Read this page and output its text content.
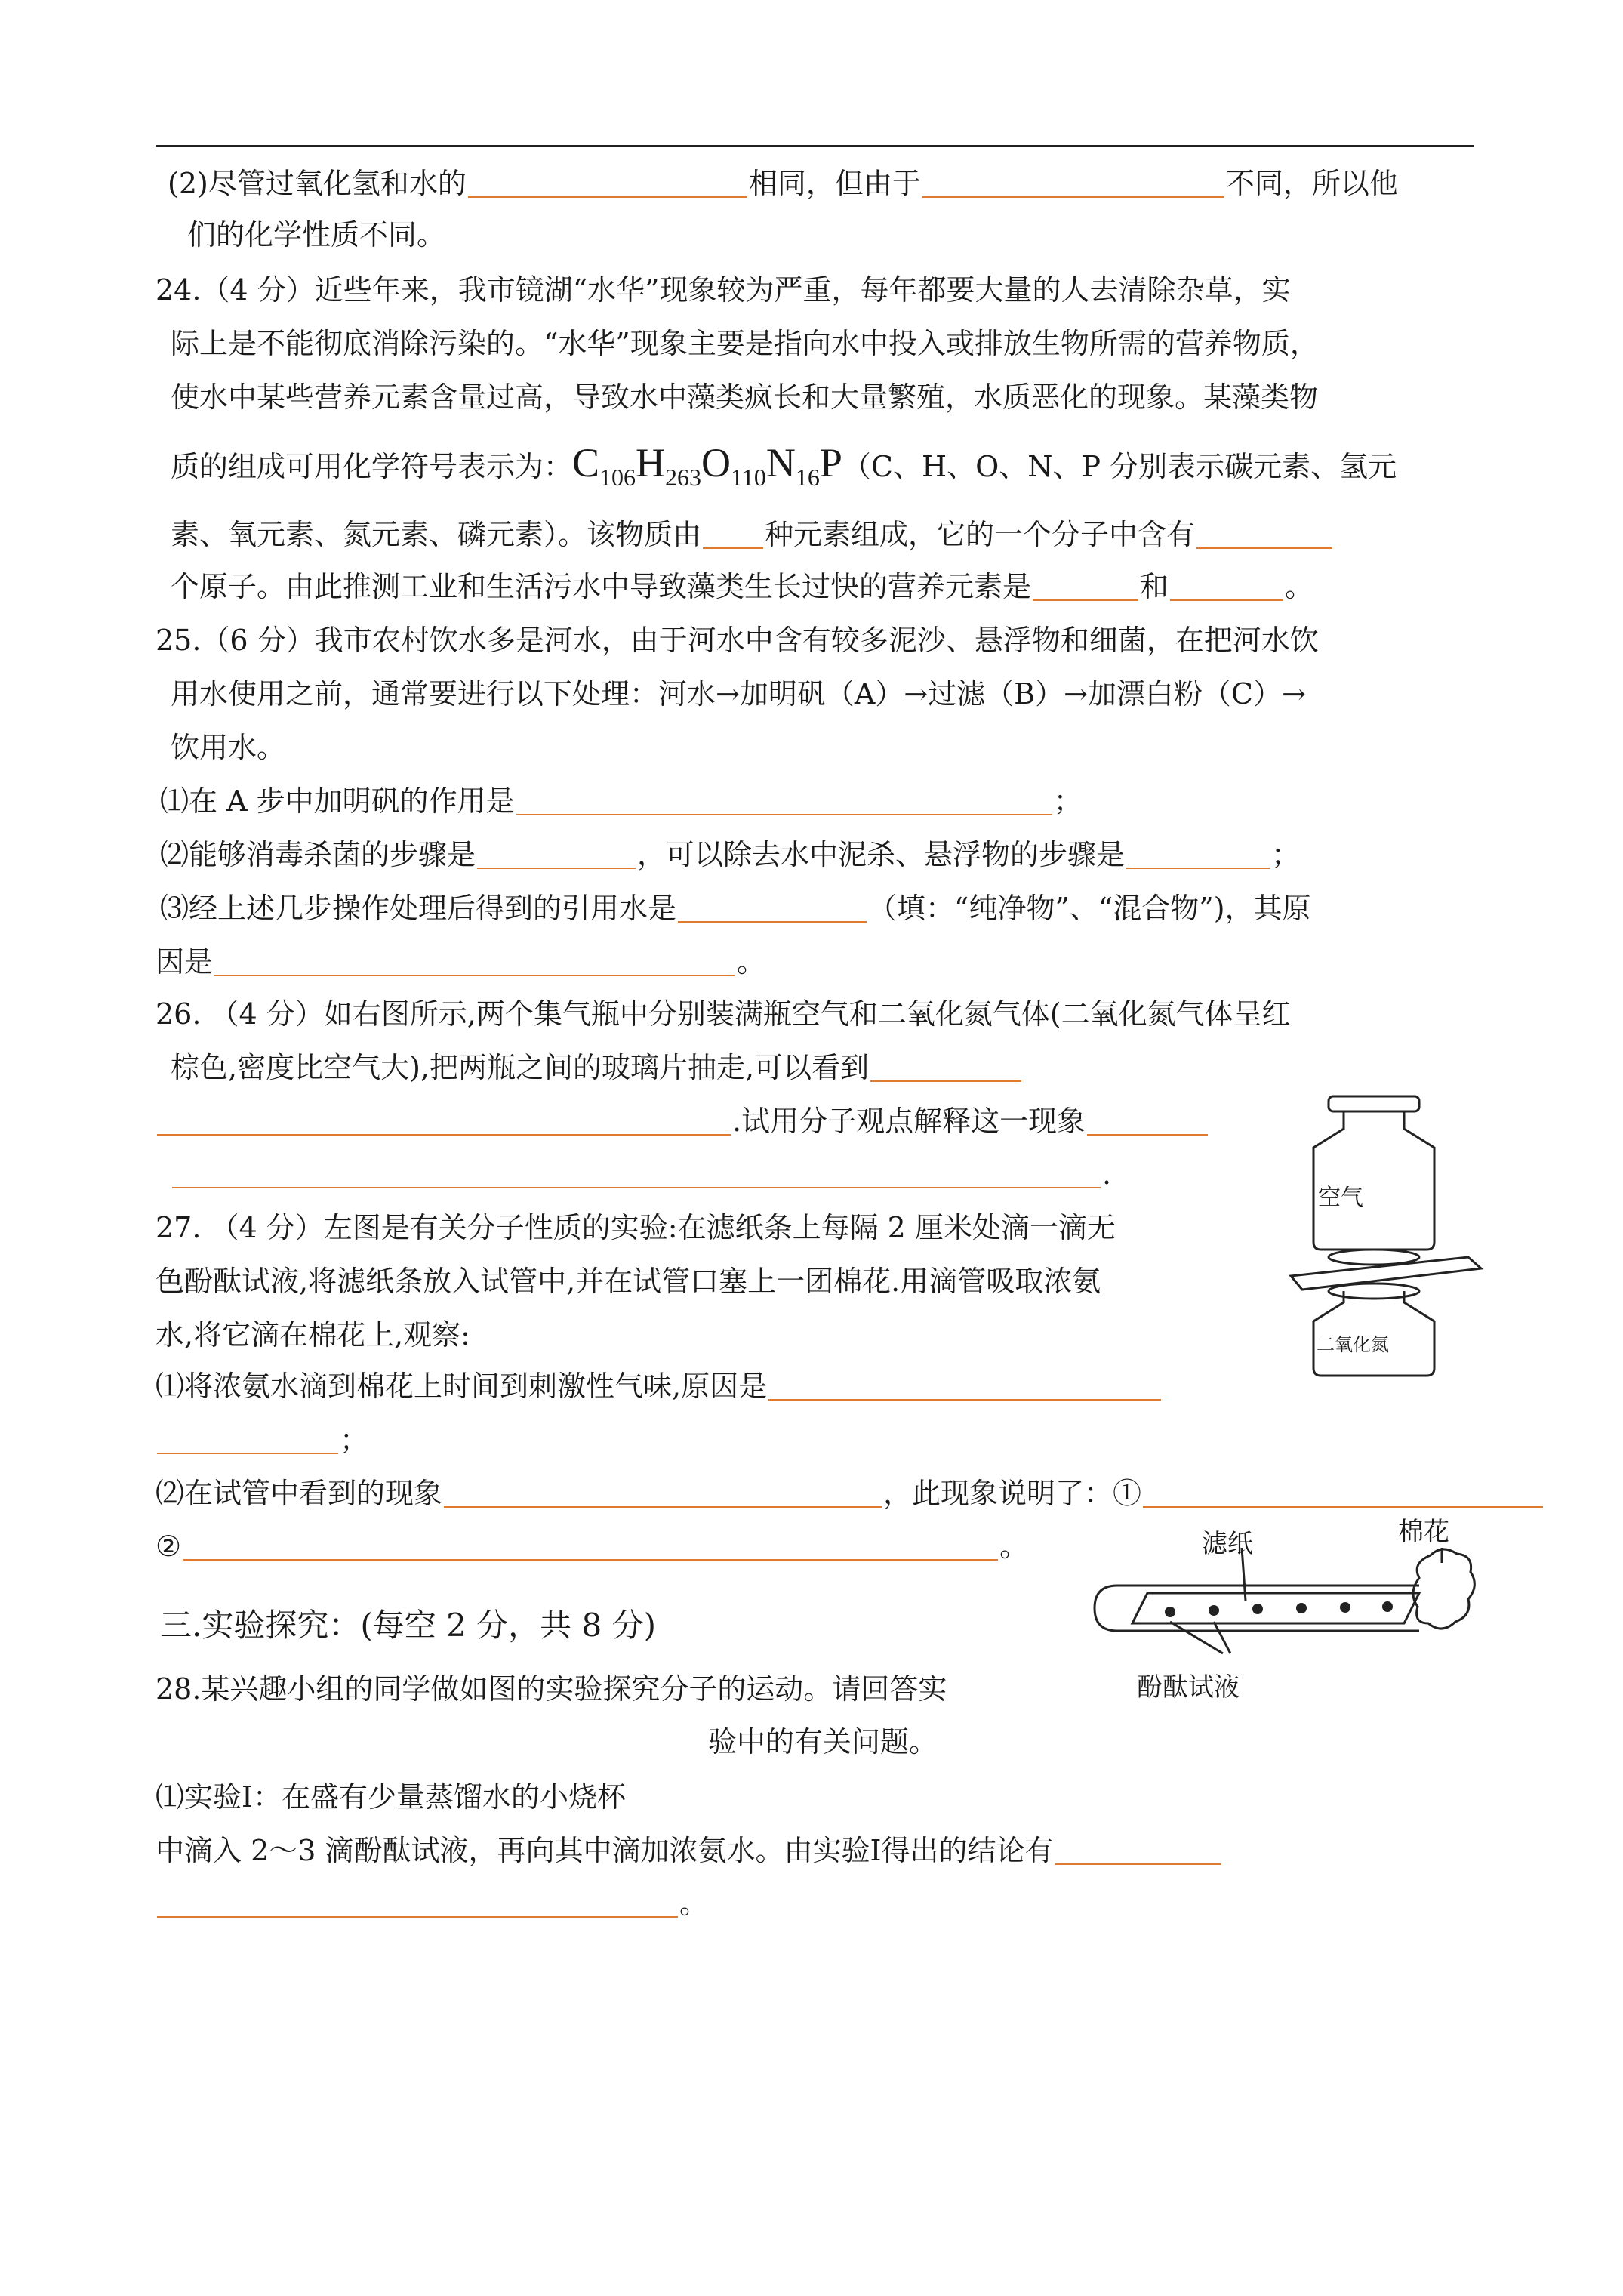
(2)尽管过氧化氢和水的	相同，但由于	不同，所以他
们的化学性质不同。
24.（4 分）近些年来，我市镜湖“水华”现象较为严重，每年都要大量的人去清除杂草，实
际上是不能彻底消除污染的。“水华”现象主要是指向水中投入或排放生物所需的营养物质，
使水中某些营养元素含量过高，导致水中藻类疯长和大量繁殖，水质恶化的现象。某藻类物
质的组成可用化学符号表示为：$C_{106}H_{263}O_{110}N_{16}P(C$、H、O、N、P 分别表示碳元素、氢元
素、氧元素、氮元素、磷元素）。该物质由 种元素组成，它的一个分子中含有
个原子。由此推测工业和生活污水中导致藻类生长过快的营养元素是	和	。
25.（6 分）我市农村饮水多是河水，由于河水中含有较多泥沙、悬浮物和细菌，在把河水饮
用水使用之前，通常要进行以下处理：河水→加明矾（A）→过滤（B）→加漂白粉（C）→
饮用水。
⑴在 A 步中加明矾的作用是	；
⑵能够消毒杀菌的步骤是	，可以除去水中泥杀、悬浮物的步骤是	；
⑶经上述几步操作处理后得到的引用水是	（填：“纯净物”、“混合物”)，其原
因是	。
26. （4 分）如右图所示,两个集气瓶中分别装满瓶空气和二氧化氮气体(二氧化氮气体呈红
棕色,密度比空气大),把两瓶之间的玻璃片抽走,可以看到
.试用分子观点解释这一现象
.
空气
二氧化氮
27. （4 分）左图是有关分子性质的实验:在滤纸条上每隔 2 厘米处滴一滴无
色酚酞试液,将滤纸条放入试管中,并在试管口塞上一团棉花.用滴管吸取浓氨
水,将它滴在棉花上,观察:
⑴将浓氨水滴到棉花上时间到刺激性气味,原因是
；
⑵在试管中看到的现象	，此现象说明了：①
②	。	滤纸	棉花
酚酞试液
三.实验探究：(每空 2 分，共 8 分)
28.某兴趣小组的同学做如图的实验探究分子的运动。请回答实
验中的有关问题。
⑴实验Ⅰ：在盛有少量蒸馏水的小烧杯
中滴入 2～3 滴酚酞试液，再向其中滴加浓氨水。由实验Ⅰ得出的结论有
。
